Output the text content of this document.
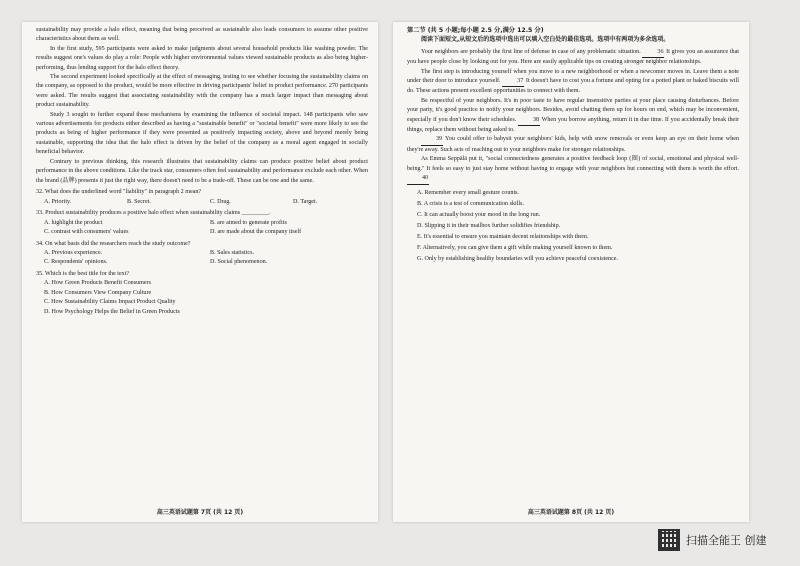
sustainability may provide a halo effect, meaning that being perceived as sustainable also leads consumers to assume other positive characteristics about them as well.

In the first study, 595 participants were asked to make judgments about several household products like washing powder. The results suggest one's values do play a role: People with higher environmental values viewed sustainable products as also being higher-performing, thus lending support for the halo effect theory.

The second experiment looked specifically at the effect of messaging, testing to see whether focusing the sustainability claims on the company, as opposed to the product, would be more effective in driving participants' belief in product performance. 270 participants were asked. The results suggest that associating sustainability with the company has a much larger impact than messaging about product sustainability.

Study 3 sought to further expand these mechanisms by examining the influence of societal impact. 148 participants who saw various advertisements for products either described as having a "sustainable benefit" or "societal benefit" were more likely to see the products as being of higher performance if they were presented as positively impacting society, above and beyond merely being sustainable, supporting the idea that the halo effect is driven by the belief of the company as a moral agent engaged in socially beneficial behavior.

Contrary to previous thinking, this research illustrates that sustainability claims can produce positive belief about product performance in the above conditions. Like the track star, consumers often feel sustainability and performance exclude each other. When the brand (品牌) presents it just the right way, there doesn't need to be a trade-off. These can be one and the same.

32. What does the underlined word "liability" in paragraph 2 mean?
A. Priority.	B. Secret.	C. Drag.	D. Target.
33. Product sustainability produces a positive halo effect when sustainability claims _________.
A. highlight the product	B. are aimed to generate profits
C. contrast with consumers' values	D. are made about the company itself
34. On what basis did the researchers reach the study outcome?
A. Previous experience.	B. Sales statistics.
C. Respondents' opinions.	D. Social phenomenon.
35. Which is the best title for the text?
A. How Green Products Benefit Consumers
B. How Consumers View Company Culture
C. How Sustainability Claims Impact Product Quality
D. How Psychology Helps the Belief in Green Products
高三英语试题第 7页 (共 12 页)
第二节 (共 5 小题;每小题 2.5 分,满分 12.5 分)

阅读下面短文,从短文后的选项中选出可以填入空白处的最佳选项。选项中有两项为多余选项。

Your neighbors are probably the first line of defense in case of any problematic situation. 36 It gives you an assurance that you have people close by looking out for you. Here are easily applicable tips on creating stronger neighbor relationships.

The first step is introducing yourself when you move to a new neighborhood or when a newcomer moves in. Leave them a note under their door to introduce yourself. 37 It doesn't have to cost you a fortune and opting for a potted plant or baked biscuits will do. These actions present excellent opportunities to connect with them.

Be respectful of your neighbors. It's in poor taste to have regular insensitive parties at your place causing disturbances. Before your party, it's good practice to notify your neighbors. Besides, avoid chatting them up for hours on end, which may be inconvenient, especially if you don't know their schedules. 38 When you borrow anything, return it in due time. If you accidentally break their things, replace them without being asked to.

39 You could offer to babysit your neighbors' kids, help with snow removals or even keep an eye on their home when they're away. Such acts of reaching out to your neighbors make for stronger relationships.

As Emma Seppälä put it, "social connectedness generates a positive feedback loop (圈) of social, emotional and physical well-being." It feels so easy to just stay home without having to engage with your neighbors but connecting with them is worth the effort. 40

A. Remember every small gesture counts.
B. A crisis is a test of communication skills.
C. It can actually boost your mood in the long run.
D. Slipping it in their mailbox further solidifies friendship.
E. It's essential to ensure you maintain decent relationships with them.
F. Alternatively, you can give them a gift while making yourself known to them.
G. Only by establishing healthy boundaries will you achieve peaceful coexistence.
高三英语试题第 8页 (共 12 页)
扫描全能王 创建
